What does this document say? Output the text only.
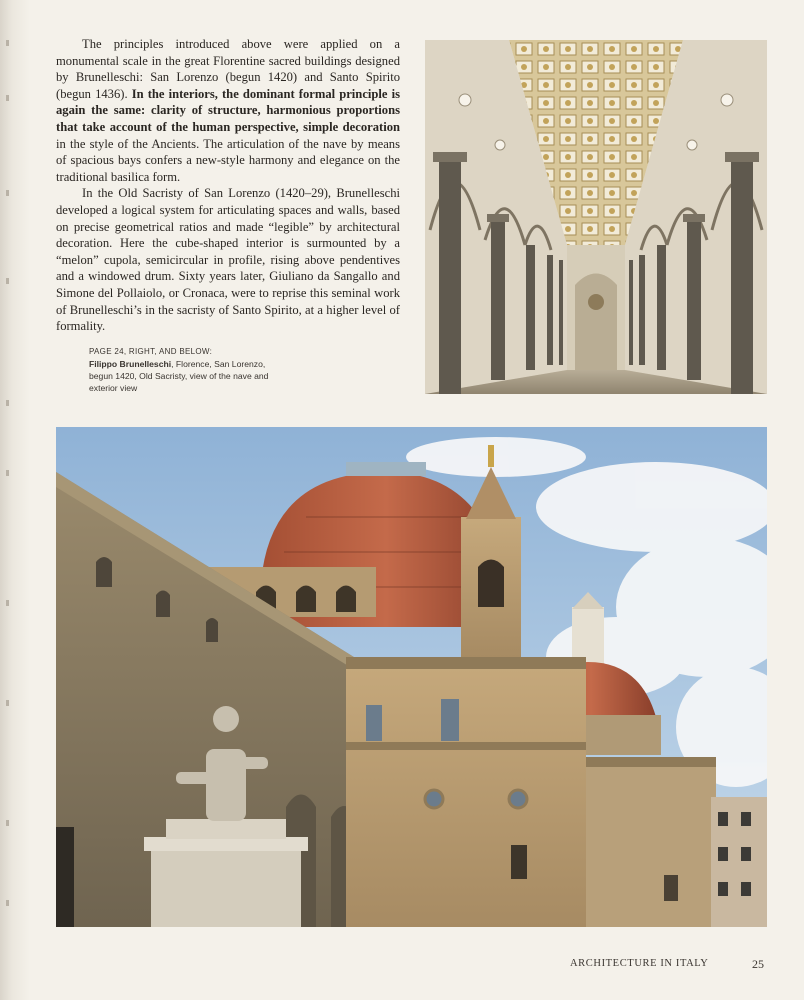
The principles introduced above were applied on a monumental scale in the great Florentine sacred buildings designed by Brunelleschi: San Lorenzo (begun 1420) and Santo Spirito (begun 1436). In the interiors, the dominant formal principle is again the same: clarity of structure, harmonious proportions that take account of the human perspective, simple decoration in the style of the Ancients. The articulation of the nave by means of spacious bays confers a new-style harmony and elegance on the traditional basilica form.

In the Old Sacristy of San Lorenzo (1420–29), Brunelleschi developed a logical system for articulating spaces and walls, based on precise geometrical ratios and made “legible” by architectural decoration. Here the cube-shaped interior is surmounted by a “melon” cupola, semicircular in profile, rising above pendentives and a windowed drum. Sixty years later, Giuliano da Sangallo and Simone del Pollaiolo, or Cronaca, were to reprise this seminal work of Brunelleschi’s in the sacristy of Santo Spirito, at a higher level of formality.

PAGE 24, RIGHT, AND BELOW:
Filippo Brunelleschi, Florence, San Lorenzo, begun 1420, Old Sacristy, view of the nave and exterior view
ARCHITECTURE IN ITALY	25
